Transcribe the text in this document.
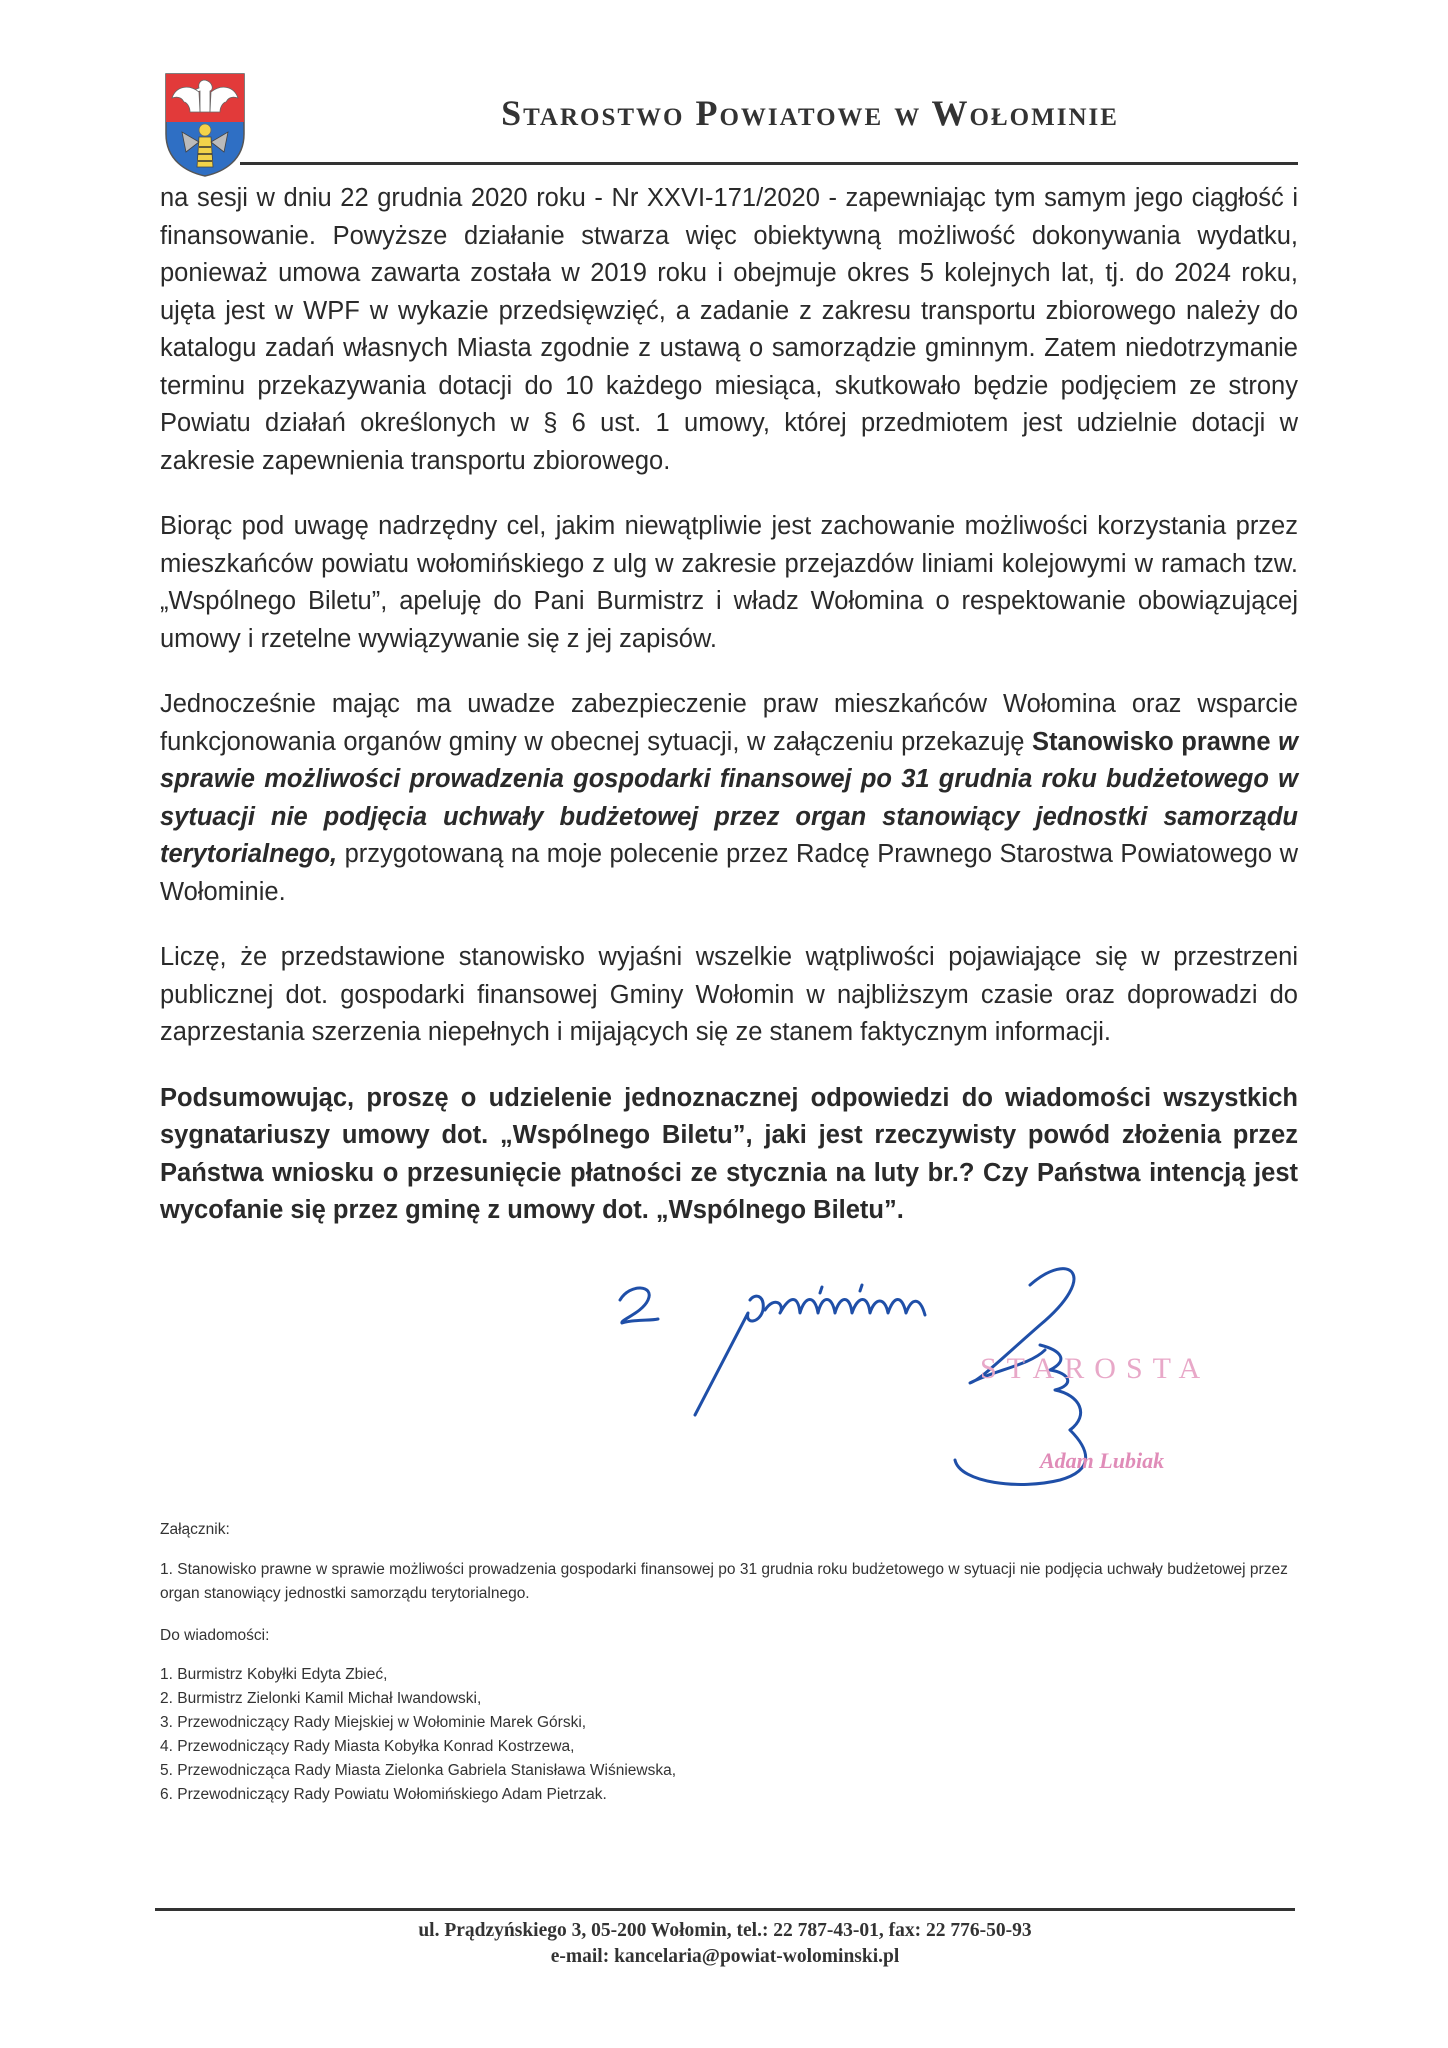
Starostwo Powiatowe w Wołominie

na sesji w dniu 22 grudnia 2020 roku - Nr XXVI-171/2020 - zapewniając tym samym jego ciągłość i finansowanie. Powyższe działanie stwarza więc obiektywną możliwość dokonywania wydatku, ponieważ umowa zawarta została w 2019 roku i obejmuje okres 5 kolejnych lat, tj. do 2024 roku, ujęta jest w WPF w wykazie przedsięwzięć, a zadanie z zakresu transportu zbiorowego należy do katalogu zadań własnych Miasta zgodnie z ustawą o samorządzie gminnym. Zatem niedotrzymanie terminu przekazywania dotacji do 10 każdego miesiąca, skutkowało będzie podjęciem ze strony Powiatu działań określonych w § 6 ust. 1 umowy, której przedmiotem jest udzielnie dotacji w zakresie zapewnienia transportu zbiorowego.

Biorąc pod uwagę nadrzędny cel, jakim niewątpliwie jest zachowanie możliwości korzystania przez mieszkańców powiatu wołomińskiego z ulg w zakresie przejazdów liniami kolejowymi w ramach tzw. „Wspólnego Biletu”, apeluję do Pani Burmistrz i władz Wołomina o respektowanie obowiązującej umowy i rzetelne wywiązywanie się z jej zapisów.

Jednocześnie mając ma uwadze zabezpieczenie praw mieszkańców Wołomina oraz wsparcie funkcjonowania organów gminy w obecnej sytuacji, w załączeniu przekazuję Stanowisko prawne w sprawie możliwości prowadzenia gospodarki finansowej po 31 grudnia roku budżetowego w sytuacji nie podjęcia uchwały budżetowej przez organ stanowiący jednostki samorządu terytorialnego, przygotowaną na moje polecenie przez Radcę Prawnego Starostwa Powiatowego w Wołominie.

Liczę, że przedstawione stanowisko wyjaśni wszelkie wątpliwości pojawiające się w przestrzeni publicznej dot. gospodarki finansowej Gminy Wołomin w najbliższym czasie oraz doprowadzi do zaprzestania szerzenia niepełnych i mijających się ze stanem faktycznym informacji.

Podsumowując, proszę o udzielenie jednoznacznej odpowiedzi do wiadomości wszystkich sygnatariuszy umowy dot. „Wspólnego Biletu”, jaki jest rzeczywisty powód złożenia przez Państwa wniosku o przesunięcie płatności ze stycznia na luty br.? Czy Państwa intencją jest wycofanie się przez gminę z umowy dot. „Wspólnego Biletu”.

STAROSTA
Adam Lubiak
Załącznik:
1. Stanowisko prawne w sprawie możliwości prowadzenia gospodarki finansowej po 31 grudnia roku budżetowego w sytuacji nie podjęcia uchwały budżetowej przez organ stanowiący jednostki samorządu terytorialnego.
Do wiadomości:
1. Burmistrz Kobyłki Edyta Zbieć,
2. Burmistrz Zielonki Kamil Michał Iwandowski,
3. Przewodniczący Rady Miejskiej w Wołominie Marek Górski,
4. Przewodniczący Rady Miasta Kobyłka Konrad Kostrzewa,
5. Przewodnicząca Rady Miasta Zielonka Gabriela Stanisława Wiśniewska,
6. Przewodniczący Rady Powiatu Wołomińskiego Adam Pietrzak.
ul. Prądzyńskiego 3, 05-200 Wołomin, tel.: 22 787-43-01, fax: 22 776-50-93
e-mail: kancelaria@powiat-wolominski.pl
